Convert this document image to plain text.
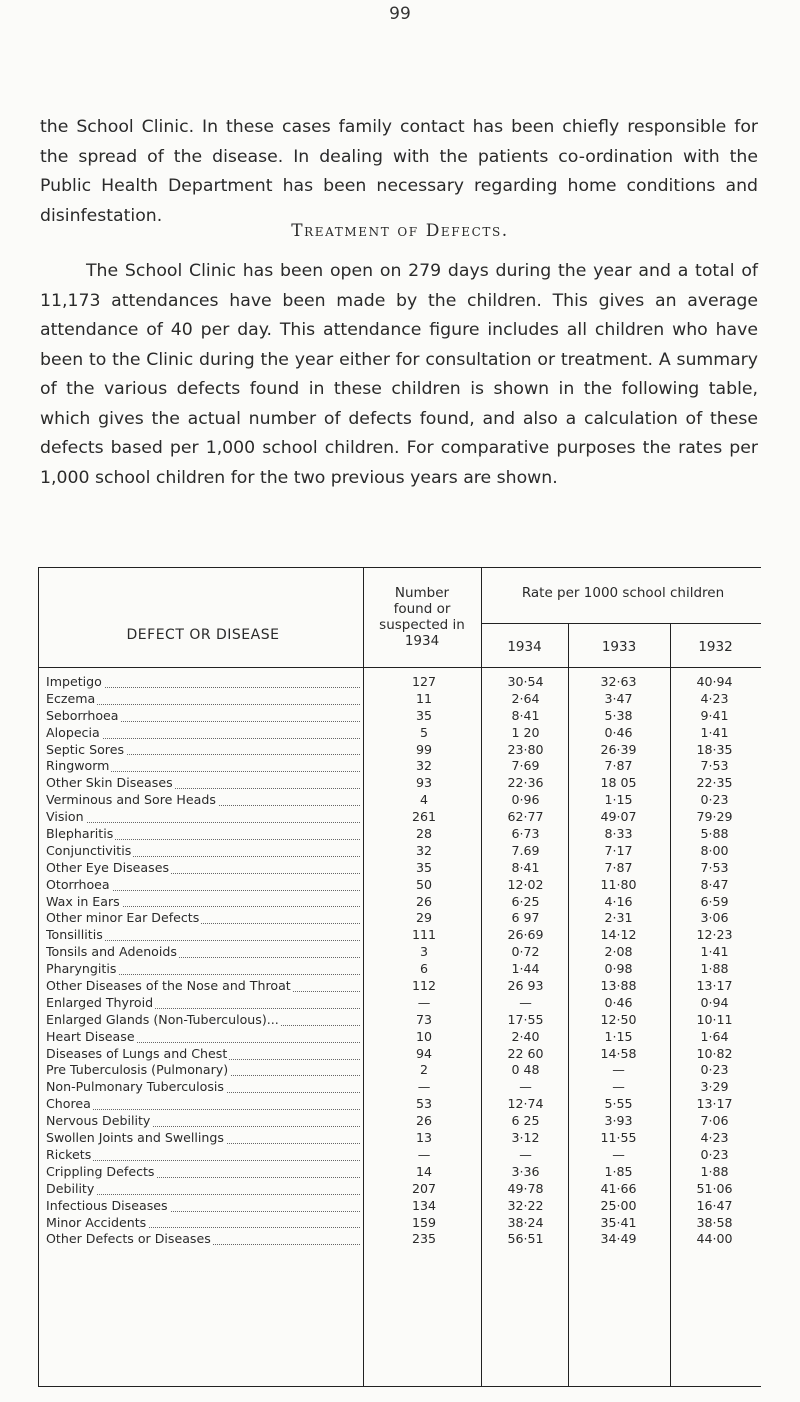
99
the School Clinic. In these cases family contact has been chiefly responsible for the spread of the disease. In dealing with the patients co-ordination with the Public Health Department has been necessary regarding home conditions and disinfestation.
Treatment of Defects.
The School Clinic has been open on 279 days during the year and a total of 11,173 attendances have been made by the children. This gives an average attendance of 40 per day. This attendance figure includes all children who have been to the Clinic during the year either for consultation or treatment. A summary of the various defects found in these children is shown in the following table, which gives the actual number of defects found, and also a calculation of these defects based per 1,000 school children. For comparative purposes the rates per 1,000 school children for the two previous years are shown.
DEFECT OR DISEASE
Number found or suspected in 1934
Rate per 1000 school children
1934	1933	1932
Impetigo	127	30·54	32·63	40·94
Eczema	11	2·64	3·47	4·23
Seborrhoea	35	8·41	5·38	9·41
Alopecia	5	1 20	0·46	1·41
Septic Sores	99	23·80	26·39	18·35
Ringworm	32	7·69	7·87	7·53
Other Skin Diseases	93	22·36	18 05	22·35
Verminous and Sore Heads	4	0·96	1·15	0·23
Vision	261	62·77	49·07	79·29
Blepharitis	28	6·73	8·33	5·88
Conjunctivitis	32	7.69	7·17	8·00
Other Eye Diseases	35	8·41	7·87	7·53
Otorrhoea	50	12·02	11·80	8·47
Wax in Ears	26	6·25	4·16	6·59
Other minor Ear Defects	29	6 97	2·31	3·06
Tonsillitis	111	26·69	14·12	12·23
Tonsils and Adenoids	3	0·72	2·08	1·41
Pharyngitis	6	1·44	0·98	1·88
Other Diseases of the Nose and Throat	112	26 93	13·88	13·17
Enlarged Thyroid	—	—	0·46	0·94
Enlarged Glands (Non-Tuberculous)...	73	17·55	12·50	10·11
Heart Disease	10	2·40	1·15	1·64
Diseases of Lungs and Chest	94	22 60	14·58	10·82
Pre Tuberculosis (Pulmonary)	2	0 48	—	0·23
Non-Pulmonary Tuberculosis	—	—	—	3·29
Chorea	53	12·74	5·55	13·17
Nervous Debility	26	6 25	3·93	7·06
Swollen Joints and Swellings	13	3·12	11·55	4·23
Rickets	—	—	—	0·23
Crippling Defects	14	3·36	1·85	1·88
Debility	207	49·78	41·66	51·06
Infectious Diseases	134	32·22	25·00	16·47
Minor Accidents	159	38·24	35·41	38·58
Other Defects or Diseases	235	56·51	34·49	44·00
